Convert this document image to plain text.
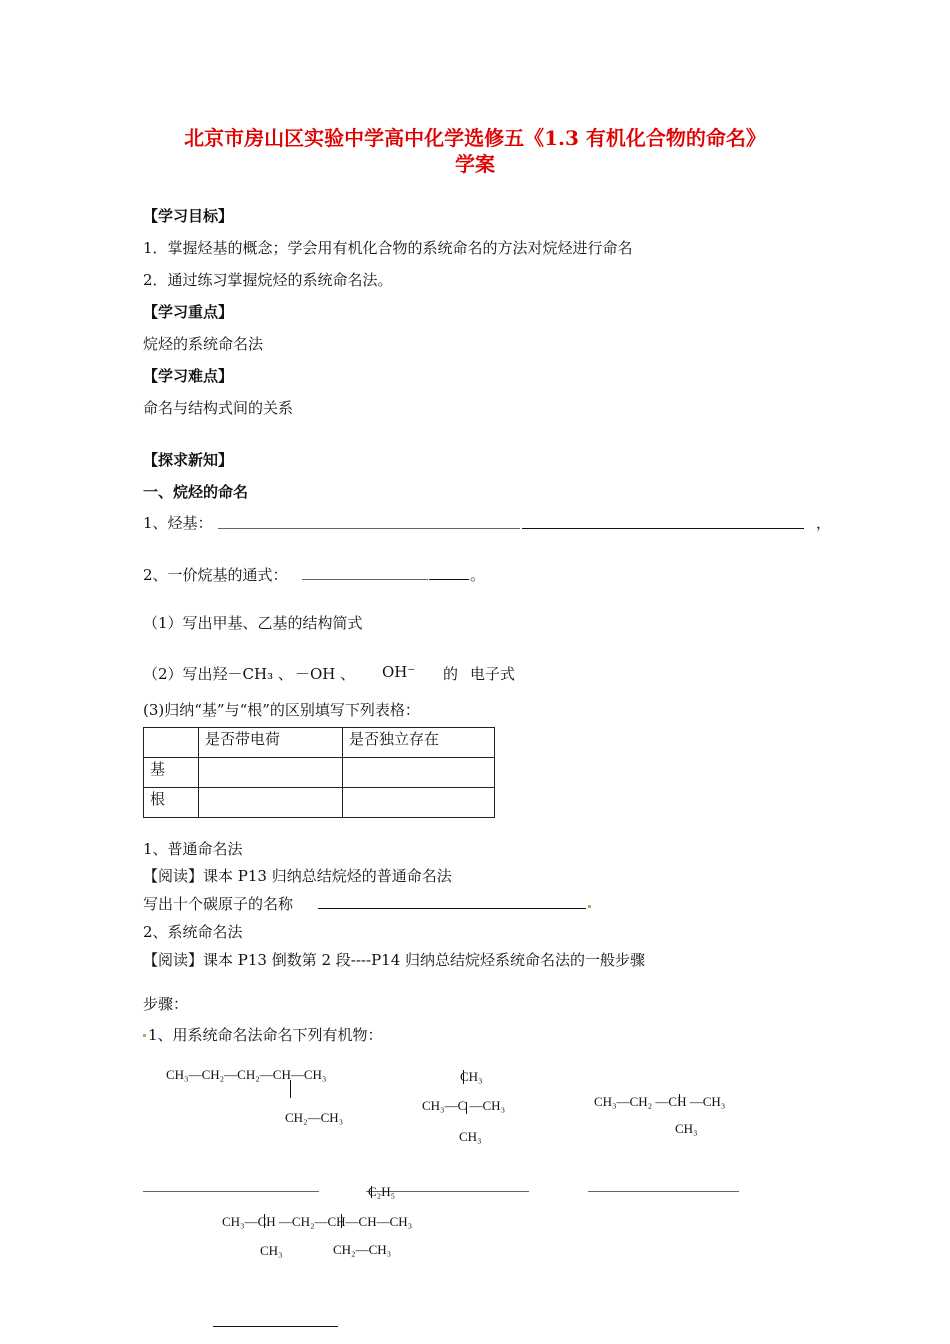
北京市房山区实验中学高中化学选修五《1.3 有机化合物的命名》
学案
【学习目标】
1．掌握烃基的概念；学会用有机化合物的系统命名的方法对烷烃进行命名
2．通过练习掌握烷烃的系统命名法。
【学习重点】
烷烃的系统命名法
【学习难点】
命名与结构式间的关系
【探求新知】
一、烷烃的命名
1、烃基：	，
2、一价烷基的通式：	。
（1）写出甲基、乙基的结构简式
（2）写出羟－CH₃ 、 －OH 、 OH⁻ 的 电子式
(3)归纳“基”与“根”的区别填写下列表格：
	是否带电荷	是否独立存在
基		
根		
1、普通命名法
【阅读】课本 P13 归纳总结烷烃的普通命名法
写出十个碳原子的名称
2、系统命名法
【阅读】课本 P13 倒数第 2 段----P14 归纳总结烷烃系统命名法的一般步骤
步骤：
1、用系统命名法命名下列有机物：
CH₃—CH₂—CH₂—CH—CH₃
CH₂—CH₃
CH₃
CH₃—C —CH₃
CH₃
CH₃—CH₂ —CH —CH₃
CH₃
C₂H₅
CH₃—CH —CH₂—CH—CH—CH₃
CH₃	CH₂—CH₃
